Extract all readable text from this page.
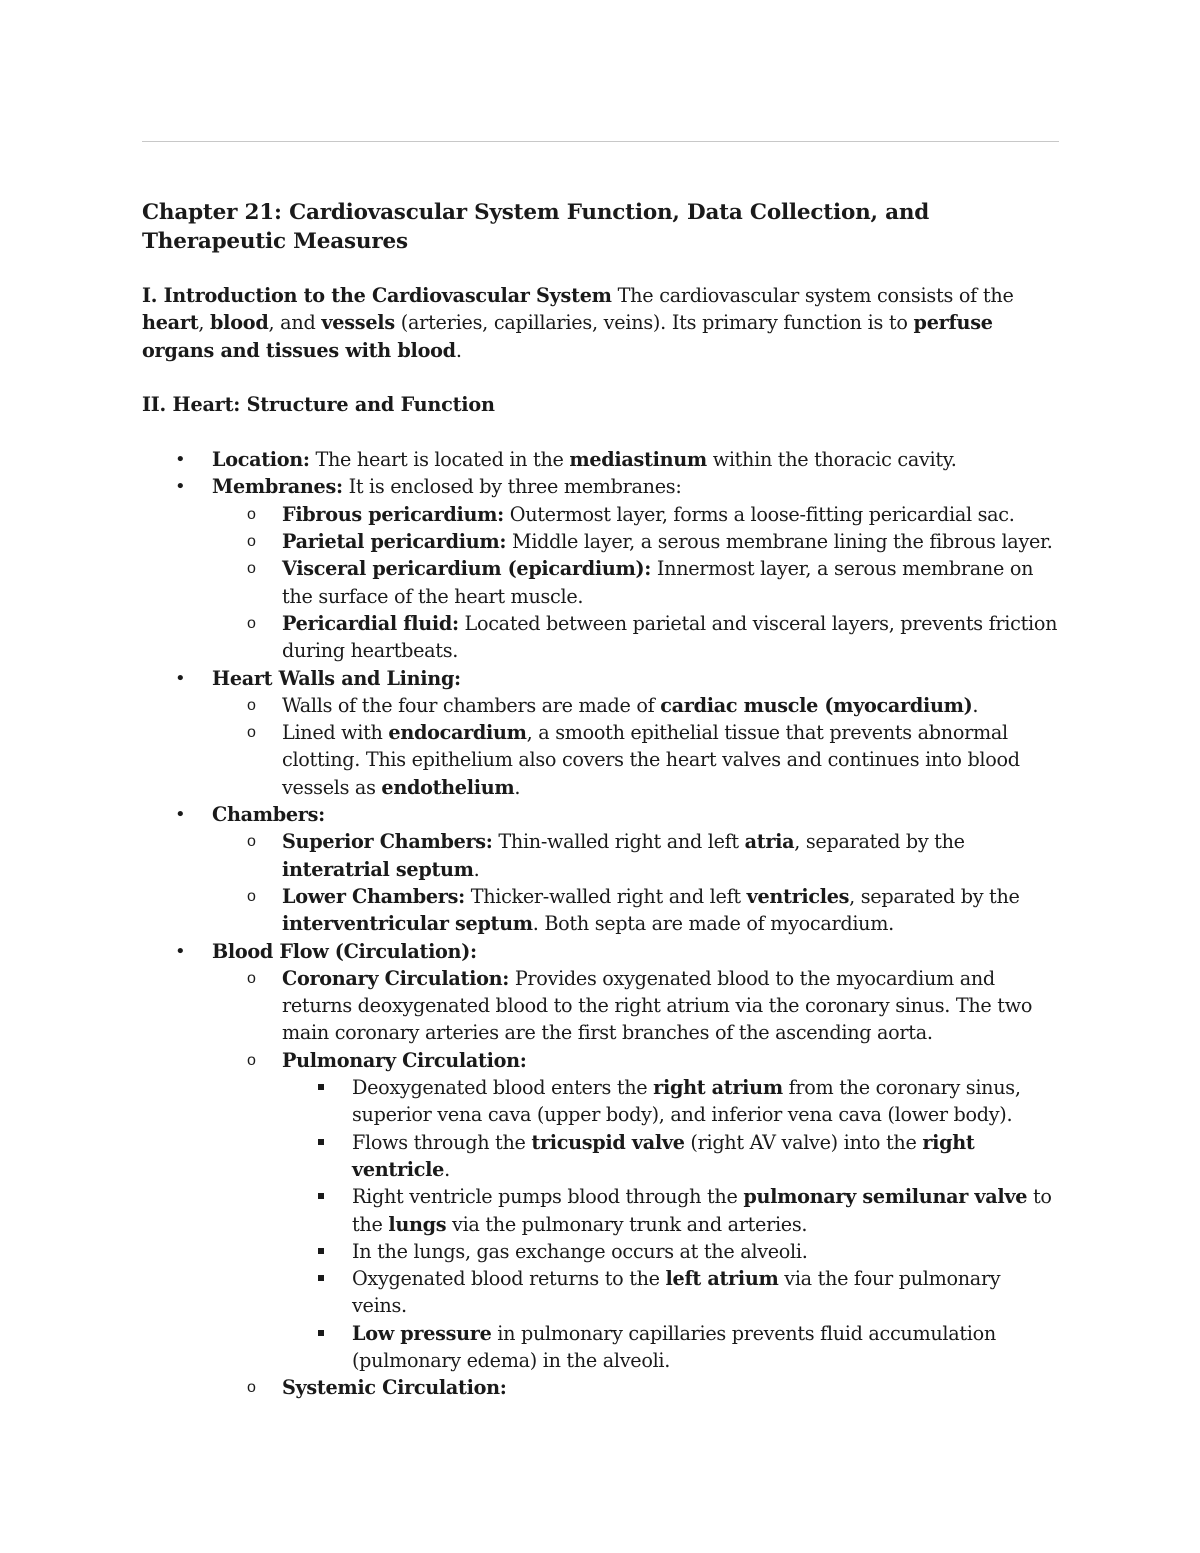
Chapter 21: Cardiovascular System Function, Data Collection, and Therapeutic Measures

I. Introduction to the Cardiovascular System The cardiovascular system consists of the heart, blood, and vessels (arteries, capillaries, veins). Its primary function is to perfuse organs and tissues with blood.

II. Heart: Structure and Function

• Location: The heart is located in the mediastinum within the thoracic cavity.
• Membranes: It is enclosed by three membranes:
o Fibrous pericardium: Outermost layer, forms a loose-fitting pericardial sac.
o Parietal pericardium: Middle layer, a serous membrane lining the fibrous layer.
o Visceral pericardium (epicardium): Innermost layer, a serous membrane on the surface of the heart muscle.
o Pericardial fluid: Located between parietal and visceral layers, prevents friction during heartbeats.
• Heart Walls and Lining:
o Walls of the four chambers are made of cardiac muscle (myocardium).
o Lined with endocardium, a smooth epithelial tissue that prevents abnormal clotting. This epithelium also covers the heart valves and continues into blood vessels as endothelium.
• Chambers:
o Superior Chambers: Thin-walled right and left atria, separated by the interatrial septum.
o Lower Chambers: Thicker-walled right and left ventricles, separated by the interventricular septum. Both septa are made of myocardium.
• Blood Flow (Circulation):
o Coronary Circulation: Provides oxygenated blood to the myocardium and returns deoxygenated blood to the right atrium via the coronary sinus. The two main coronary arteries are the first branches of the ascending aorta.
o Pulmonary Circulation:
Deoxygenated blood enters the right atrium from the coronary sinus, superior vena cava (upper body), and inferior vena cava (lower body).
Flows through the tricuspid valve (right AV valve) into the right ventricle.
Right ventricle pumps blood through the pulmonary semilunar valve to the lungs via the pulmonary trunk and arteries.
In the lungs, gas exchange occurs at the alveoli.
Oxygenated blood returns to the left atrium via the four pulmonary veins.
Low pressure in pulmonary capillaries prevents fluid accumulation (pulmonary edema) in the alveoli.
o Systemic Circulation:
